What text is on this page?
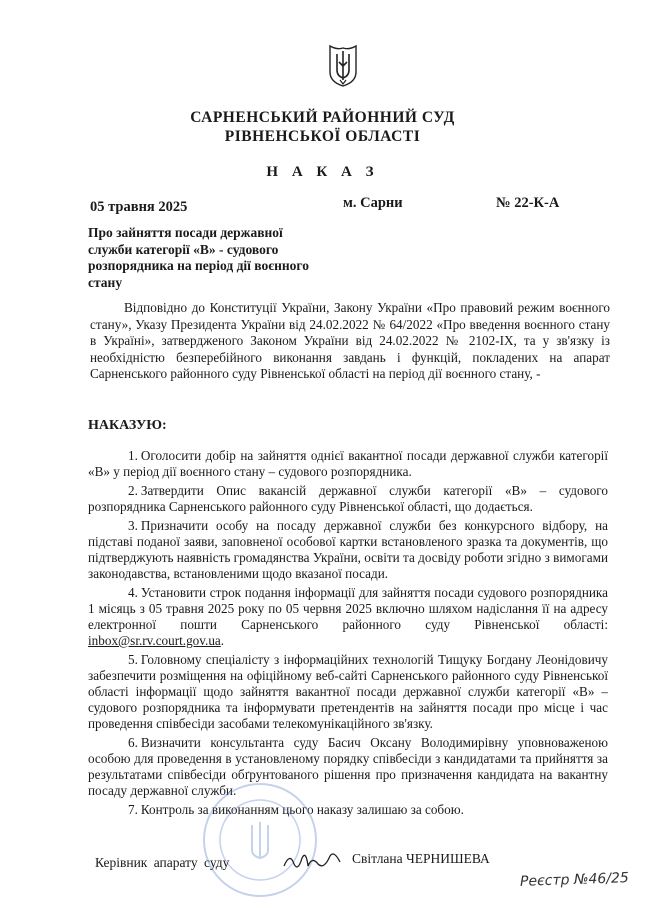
САРНЕНСЬКИЙ РАЙОННИЙ СУД
РІВНЕНСЬКОЇ ОБЛАСТІ
Н А К А З
05 травня 2025	м. Сарни	№ 22-К-А
Про зайняття посади державної служби категорії «В» - судового розпорядника на період дії воєнного стану
Відповідно до Конституції України, Закону України «Про правовий режим воєнного стану», Указу Президента України від 24.02.2022 № 64/2022 «Про введення воєнного стану в Україні», затвердженого Законом України від 24.02.2022 № 2102-IX, та у зв'язку із необхідністю безперебійного виконання завдань і функцій, покладених на апарат Сарненського районного суду Рівненської області на період дії воєнного стану, -
НАКАЗУЮ:

1. Оголосити добір на зайняття однієї вакантної посади державної служби категорії «В» у період дії воєнного стану – судового розпорядника.

2. Затвердити Опис вакансій державної служби категорії «В» – судового розпорядника Сарненського районного суду Рівненської області, що додається.

3. Призначити особу на посаду державної служби без конкурсного відбору, на підставі поданої заяви, заповненої особової картки встановленого зразка та документів, що підтверджують наявність громадянства України, освіти та досвіду роботи згідно з вимогами законодавства, встановленими щодо вказаної посади.

4. Установити строк подання інформації для зайняття посади судового розпорядника 1 місяць з 05 травня 2025 року по 05 червня 2025 включно шляхом надіслання її на адресу електронної пошти Сарненського районного суду Рівненської області: inbox@sr.rv.court.gov.ua.

5. Головному спеціалісту з інформаційних технологій Тищуку Богдану Леонідовичу забезпечити розміщення на офіційному веб-сайті Сарненського районного суду Рівненської області інформації щодо зайняття вакантної посади державної служби категорії «В» – судового розпорядника та інформувати претендентів на зайняття посади про місце і час проведення співбесіди засобами телекомунікаційного зв'язку.

6. Визначити консультанта суду Басич Оксану Володимирівну уповноваженою особою для проведення в установленому порядку співбесіди з кандидатами та прийняття за результатами співбесіди обґрунтованого рішення про призначення кандидата на вакантну посаду державної служби.

7. Контроль за виконанням цього наказу залишаю за собою.

Керівник апарату суду	Світлана ЧЕРНИШЕВА
Реєстр №46/25
